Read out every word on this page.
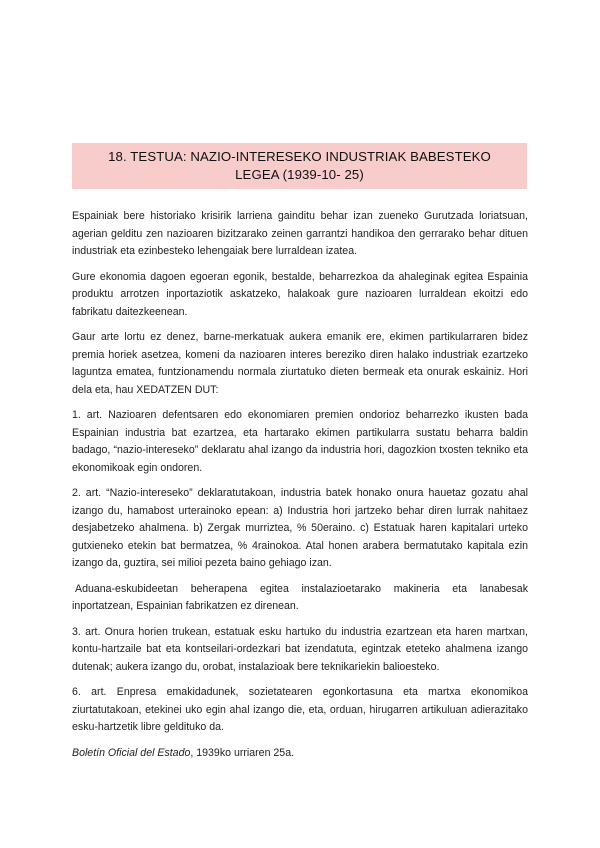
18. TESTUA: NAZIO-INTERESEKO INDUSTRIAK BABESTEKO
LEGEA (1939-10- 25)

Espainiak bere historiako krisirik larriena gainditu behar izan zueneko Gurutzada loriatsuan, agerian gelditu zen nazioaren bizitzarako zeinen garrantzi handikoa den gerrarako behar dituen industriak eta ezinbesteko lehengaiak bere lurraldean izatea.

Gure ekonomia dagoen egoeran egonik, bestalde, beharrezkoa da ahaleginak egitea Espainia produktu arrotzen inportaziotik askatzeko, halakoak gure nazioaren lurraldean ekoitzi edo fabrikatu daitezkeenean.

Gaur arte lortu ez denez, barne-merkatuak aukera emanik ere, ekimen partikularraren bidez premia horiek asetzea, komeni da nazioaren interes bereziko diren halako industriak ezartzeko laguntza ematea, funtzionamendu normala ziurtatuko dieten bermeak eta onurak eskainiz. Hori dela eta, hau XEDATZEN DUT:

1. art. Nazioaren defentsaren edo ekonomiaren premien ondorioz beharrezko ikusten bada Espainian industria bat ezartzea, eta hartarako ekimen partikularra sustatu beharra baldin badago, “nazio-intereseko” deklaratu ahal izango da industria hori, dagozkion txosten tekniko eta ekonomikoak egin ondoren.

2. art. “Nazio-intereseko” deklaratutakoan, industria batek honako onura hauetaz gozatu ahal izango du, hamabost urterainoko epean: a) Industria hori jartzeko behar diren lurrak nahitaez desjabetzeko ahalmena. b) Zergak murriztea, % 50eraino. c) Estatuak haren kapitalari urteko gutxieneko etekin bat bermatzea, % 4rainokoa. Atal honen arabera bermatutako kapitala ezin izango da, guztira, sei milioi pezeta baino gehiago izan.

Aduana-eskubideetan beherapena egitea instalazioetarako makineria eta lanabesak inportatzean, Espainian fabrikatzen ez direnean.

3. art. Onura horien trukean, estatuak esku hartuko du industria ezartzean eta haren martxan, kontu-hartzaile bat eta kontseilari-ordezkari bat izendatuta, egintzak eteteko ahalmena izango dutenak; aukera izango du, orobat, instalazioak bere teknikariekin balioesteko.

6. art. Enpresa emakidadunek, sozietatearen egonkortasuna eta martxa ekonomikoa ziurtatutakoan, etekinei uko egin ahal izango die, eta, orduan, hirugarren artikuluan adierazitako esku-hartzetik libre geldituko da.

Boletín Oficial del Estado, 1939ko urriaren 25a.
